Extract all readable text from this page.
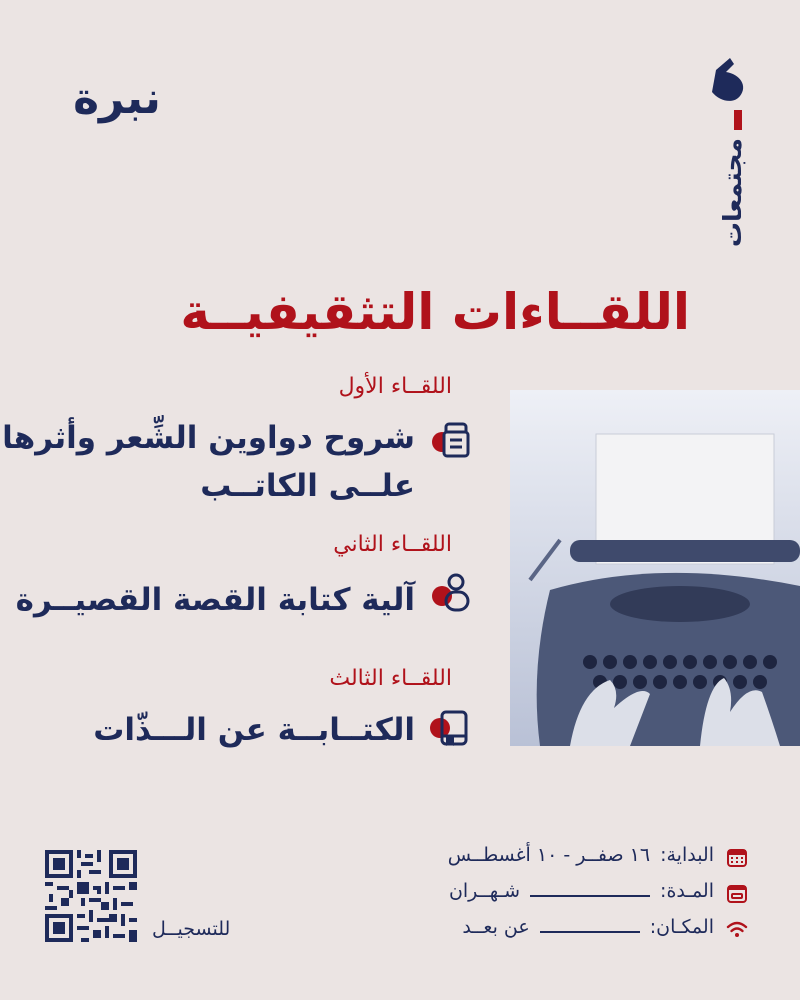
نبرة
مجتمعات
اللقــاءات التثقيفيــة
اللقــاء الأول
شروح دواوين الشِّعر وأثرها
علــى الكاتــب
اللقــاء الثاني
آلية كتابة القصة القصيــرة
اللقــاء الثالث
الكتــابــة عن الـــذّات
للتسجيــل
البداية:
١٦ صفــر - ١٠ أغسطــس
المـدة:
شـهــران
المكـان:
عن بعــد
